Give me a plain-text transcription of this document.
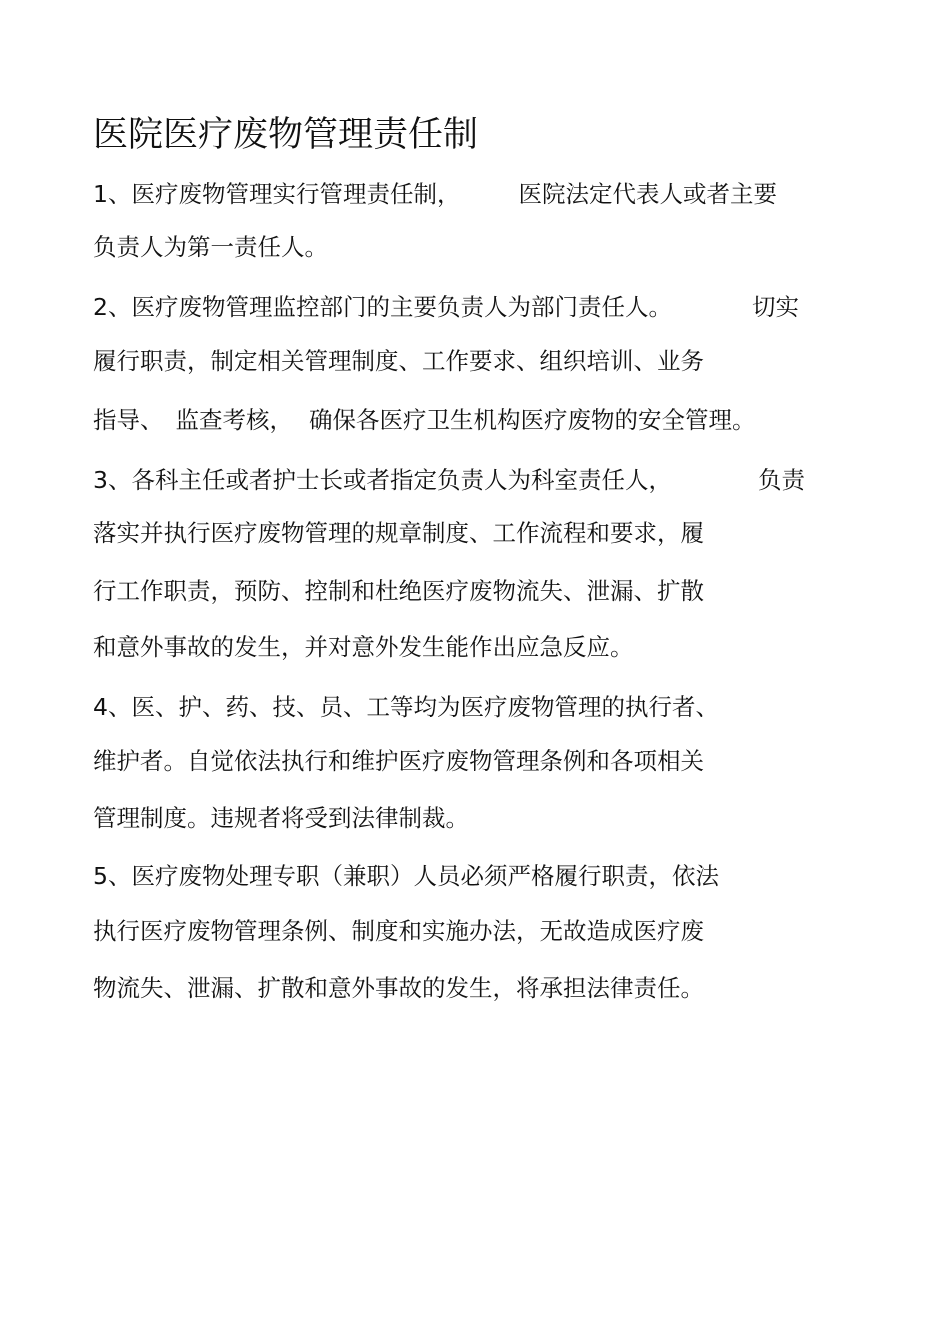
医院医疗废物管理责任制
1、医疗废物管理实行管理责任制， 医院法定代表人或者主要
负责人为第一责任人。
2、医疗废物管理监控部门的主要负责人为部门责任人。	切实
履行职责，制定相关管理制度、工作要求、组织培训、业务
指导、 监查考核， 确保各医疗卫生机构医疗废物的安全管理。
3、各科主任或者护士长或者指定负责人为科室责任人，	负责
落实并执行医疗废物管理的规章制度、工作流程和要求，履
行工作职责，预防、控制和杜绝医疗废物流失、泄漏、扩散
和意外事故的发生，并对意外发生能作出应急反应。
4、医、护、药、技、员、工等均为医疗废物管理的执行者、
维护者。自觉依法执行和维护医疗废物管理条例和各项相关
管理制度。违规者将受到法律制裁。
5、医疗废物处理专职（兼职）人员必须严格履行职责，依法
执行医疗废物管理条例、制度和实施办法，无故造成医疗废
物流失、泄漏、扩散和意外事故的发生，将承担法律责任。
